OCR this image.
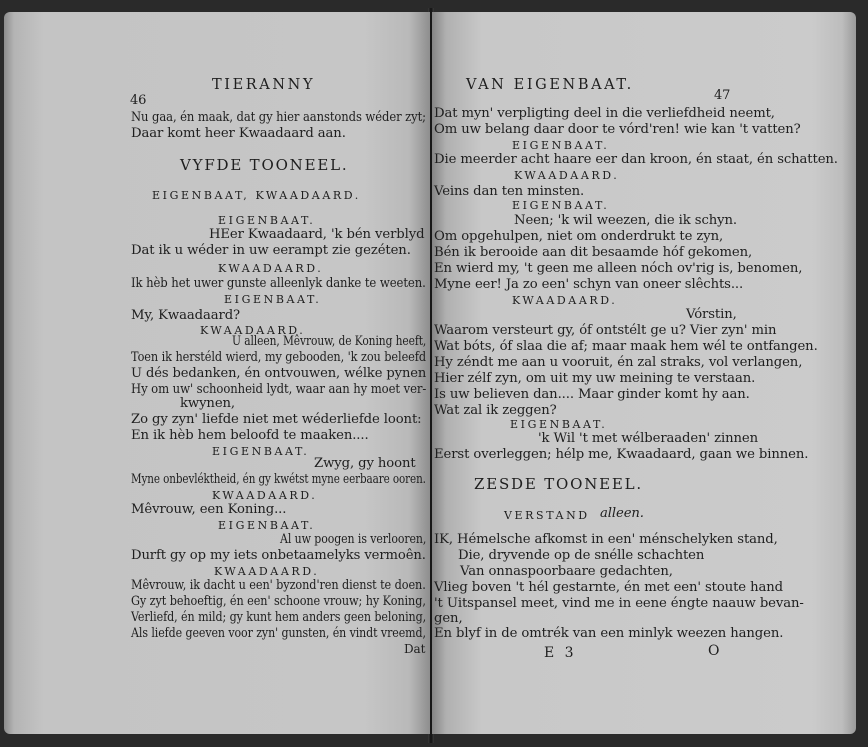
46
TIERANNY
Nu gaa, én maak, dat gy hier aanstonds wéder zyt;
Daar komt heer Kwaadaard aan.
VYFDE TOONEEL.
EIGENBAAT, KWAADAARD.
EIGENBAAT.
HEer Kwaadaard, 'k bén verblyd
Dat ik u wéder in uw eerampt zie gezéten.
KWAADAARD.
Ik hèb het uwer gunste alleenlyk danke te weeten.
EIGENBAAT.
My, Kwaadaard?
KWAADAARD.
U alleen, Mêvrouw, de Koning heeft,
Toen ik herstéld wierd, my gebooden, 'k zou beleefd
U dés bedanken, én ontvouwen, wélke pynen
Hy om uw' schoonheid lydt, waar aan hy moet ver-
kwynen,
Zo gy zyn' liefde niet met wéderliefde loont:
En ik hèb hem beloofd te maaken....
EIGENBAAT.
Zwyg, gy hoont
Myne onbevléktheid, én gy kwétst myne eerbaare ooren.
KWAADAARD.
Mêvrouw, een Koning...
EIGENBAAT.
Al uw poogen is verlooren,
Durft gy op my iets onbetaamelyks vermoên.
KWAADAARD.
Mêvrouw, ik dacht u een' byzond'ren dienst te doen.
Gy zyt behoeftig, én een' schoone vrouw; hy Koning,
Verliefd, én mild; gy kunt hem anders geen beloning,
Als liefde geeven voor zyn' gunsten, én vindt vreemd,
Dat
VAN EIGENBAAT.
47
Dat myn' verpligting deel in die verliefdheid neemt,
Om uw belang daar door te vórd'ren! wie kan 't vatten?
EIGENBAAT.
Die meerder acht haare eer dan kroon, én staat, én schatten.
KWAADAARD.
Veins dan ten minsten.
EIGENBAAT.
Neen; 'k wil weezen, die ik schyn.
Om opgehulpen, niet om onderdrukt te zyn,
Bén ik berooide aan dit besaamde hóf gekomen,
En wierd my, 't geen me alleen nóch ov'rig is, benomen,
Myne eer! Ja zo een' schyn van oneer slêchts...
KWAADAARD.
Vórstin,
Waarom versteurt gy, óf ontstélt ge u? Vier zyn' min
Wat bóts, óf slaa die af; maar maak hem wél te ontfangen.
Hy zéndt me aan u vooruit, én zal straks, vol verlangen,
Hier zélf zyn, om uit my uw meining te verstaan.
Is uw believen dan.... Maar ginder komt hy aan.
Wat zal ik zeggen?
EIGENBAAT.
'k Wil 't met wélberaaden' zinnen
Eerst overleggen; hélp me, Kwaadaard, gaan we binnen.
ZESDE TOONEEL.
VERSTAND alleen.
IK, Hémelsche afkomst in een' ménschelyken stand,
Die, dryvende op de snélle schachten
Van onnaspoorbaare gedachten,
Vlieg boven 't hél gestarnte, én met een' stoute hand
't Uitspansel meet, vind me in eene éngte naauw bevan-
gen,
En blyf in de omtrék van een minlyk weezen hangen.
E 3	O
